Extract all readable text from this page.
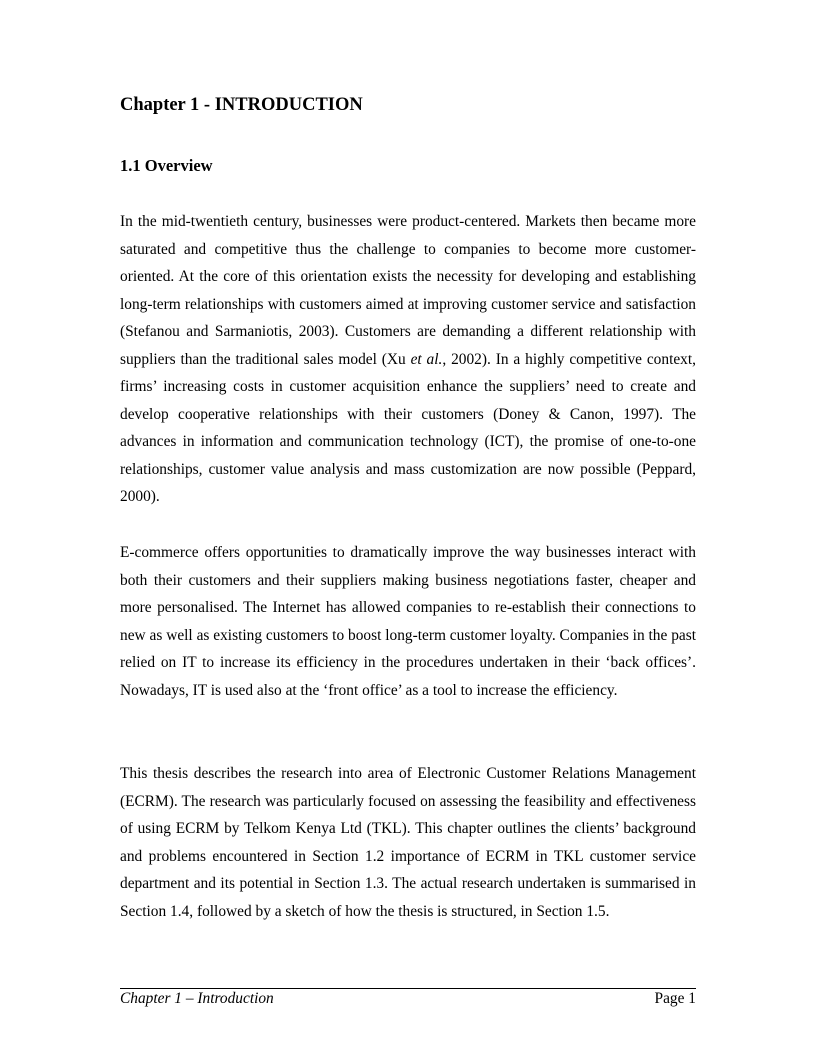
Chapter 1 - INTRODUCTION
1.1 Overview

In the mid-twentieth century, businesses were product-centered. Markets then became more saturated and competitive thus the challenge to companies to become more customer-oriented. At the core of this orientation exists the necessity for developing and establishing long-term relationships with customers aimed at improving customer service and satisfaction (Stefanou and Sarmaniotis, 2003). Customers are demanding a different relationship with suppliers than the traditional sales model (Xu et al., 2002). In a highly competitive context, firms’ increasing costs in customer acquisition enhance the suppliers’ need to create and develop cooperative relationships with their customers (Doney & Canon, 1997). The advances in information and communication technology (ICT), the promise of one-to-one relationships, customer value analysis and mass customization are now possible (Peppard, 2000).

E-commerce offers opportunities to dramatically improve the way businesses interact with both their customers and their suppliers making business negotiations faster, cheaper and more personalised. The Internet has allowed companies to re-establish their connections to new as well as existing customers to boost long-term customer loyalty. Companies in the past relied on IT to increase its efficiency in the procedures undertaken in their ‘back offices’. Nowadays, IT is used also at the ‘front office’ as a tool to increase the efficiency.

This thesis describes the research into area of Electronic Customer Relations Management (ECRM). The research was particularly focused on assessing the feasibility and effectiveness of using ECRM by Telkom Kenya Ltd (TKL). This chapter outlines the clients’ background and problems encountered in Section 1.2 importance of ECRM in TKL customer service department and its potential in Section 1.3. The actual research undertaken is summarised in Section 1.4, followed by a sketch of how the thesis is structured, in Section 1.5.

Chapter 1 – Introduction	Page 1
